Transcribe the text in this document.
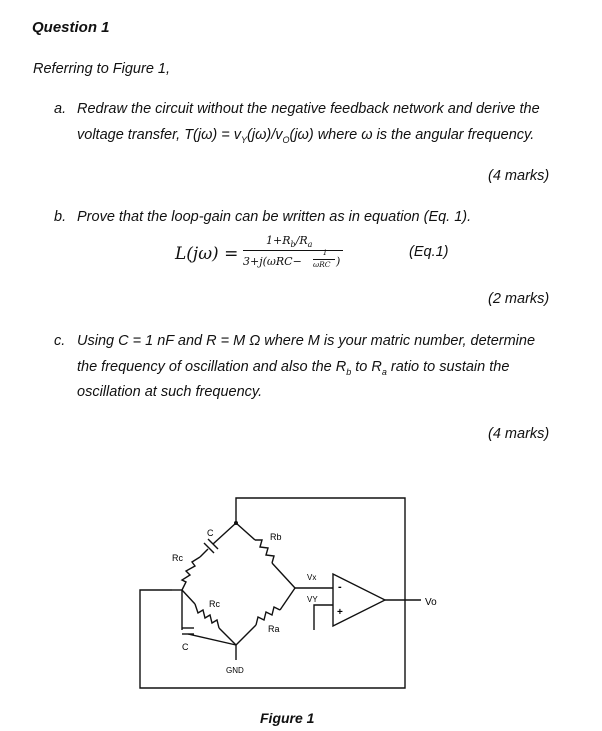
Question 1
Referring to Figure 1,
a. Redraw the circuit without the negative feedback network and derive the
voltage transfer, $T(j\omega) = v_Y(j\omega)/v_O(j\omega)$ where ω is the angular frequency.
(4 marks)
b. Prove that the loop-gain can be written as in equation (Eq. 1).
L(jω) =
$1+R_b/R_a$
3+j(ωRC−
1
ωRC )
(Eq.1)
(2 marks)
c. Using C = 1 nF and R = M Ω where M is your matric number, determine
the frequency of oscillation and also the $R_b$ to $R_a$ ratio to sustain the
oscillation at such frequency.
(4 marks)
Rc
C	Rb
Vx
VY
Rc
Ra
C
GND
Vo
-
+
Figure 1
